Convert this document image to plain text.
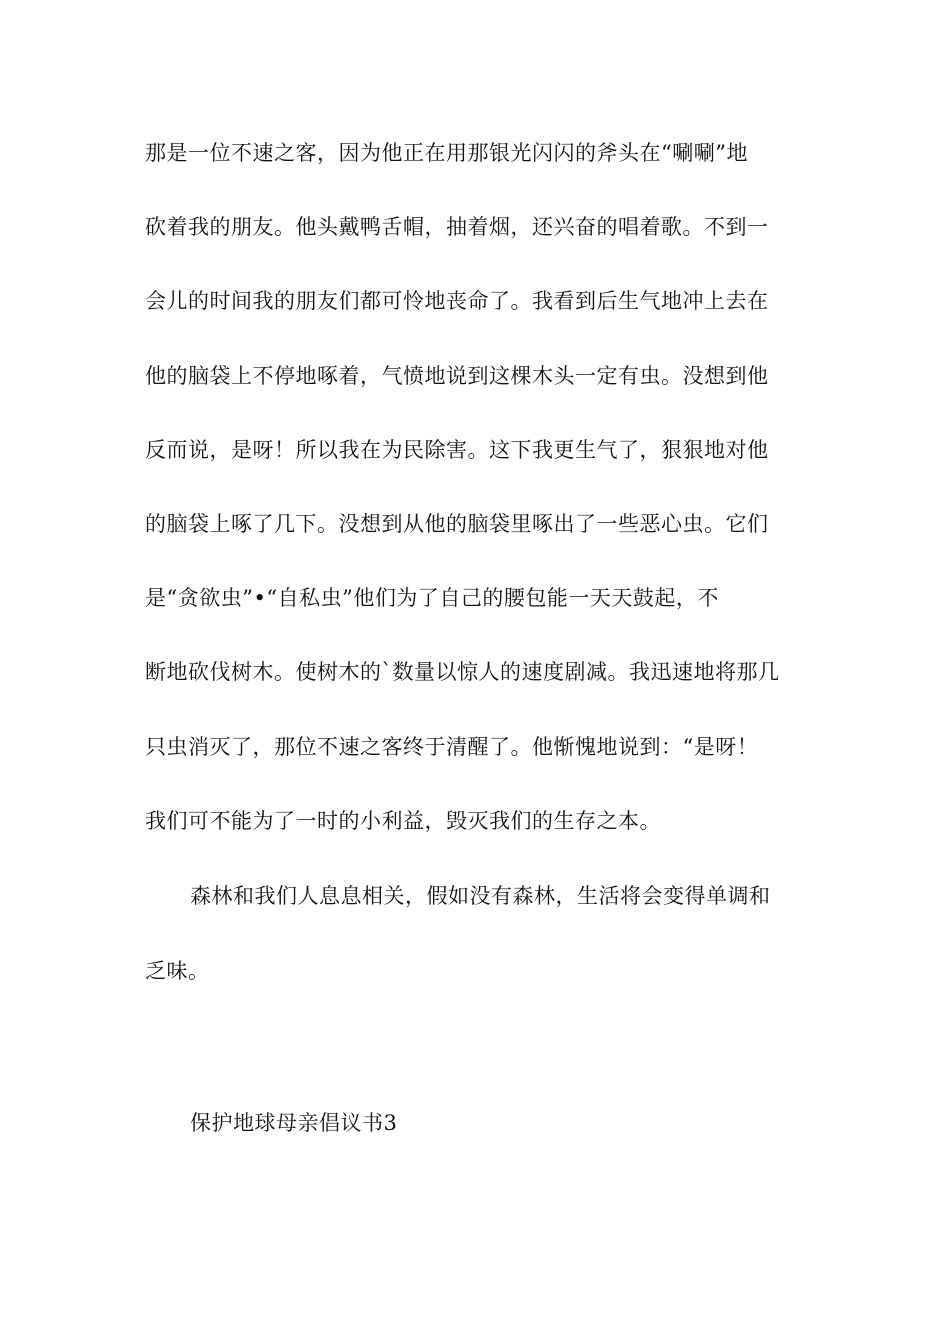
那是一位不速之客，因为他正在用那银光闪闪的斧头在“唰唰”地
砍着我的朋友。他头戴鸭舌帽，抽着烟，还兴奋的唱着歌。不到一
会儿的时间我的朋友们都可怜地丧命了。我看到后生气地冲上去在
他的脑袋上不停地啄着，气愤地说到这棵木头一定有虫。没想到他
反而说，是呀！所以我在为民除害。这下我更生气了，狠狠地对他
的脑袋上啄了几下。没想到从他的脑袋里啄出了一些恶心虫。它们
是“贪欲虫”•“自私虫”他们为了自己的腰包能一天天鼓起，不
断地砍伐树木。使树木的`数量以惊人的速度剧减。我迅速地将那几
只虫消灭了，那位不速之客终于清醒了。他惭愧地说到：“是呀！
我们可不能为了一时的小利益，毁灭我们的生存之本。
森林和我们人息息相关，假如没有森林，生活将会变得单调和
乏味。
保护地球母亲倡议书3
